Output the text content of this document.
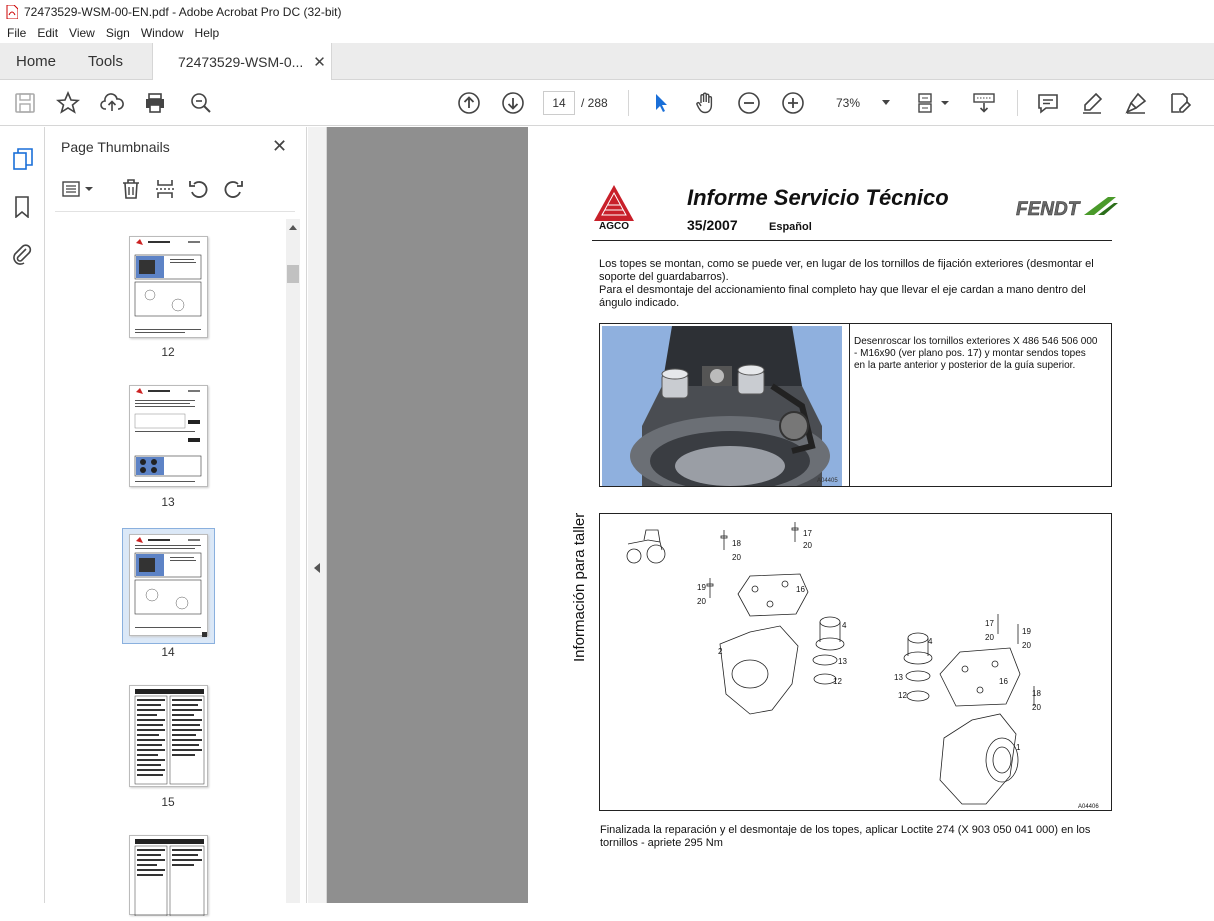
72473529-WSM-00-EN.pdf - Adobe Acrobat Pro DC (32-bit)
File Edit View Sign Window Help
Home Tools	72473529-WSM-0... ✕
14 / 288	73%
Page Thumbnails	✕
12
13
14
15
AGCO
Informe Servicio Técnico
35/2007	Español
FENDT
Los topes se montan, como se puede ver, en lugar de los tornillos de fijación exteriores (desmontar el soporte del guardabarros).
Para el desmontaje del accionamiento final completo hay que llevar el eje cardan a mano dentro del ángulo indicado.
A04405
Desenroscar los tornillos exteriores X 486 546 506 000 - M16x90 (ver plano pos. 17) y montar sendos topes en la parte anterior y posterior de la guía superior.
Información para taller	18
20
17
20
19
20
16
4
2
13
12
17
20
19
20
4
13
12
16
18
20
1
A04406
Finalizada la reparación y el desmontaje de los topes, aplicar Loctite 274 (X 903 050 041 000) en los tornillos - apriete 295 Nm
